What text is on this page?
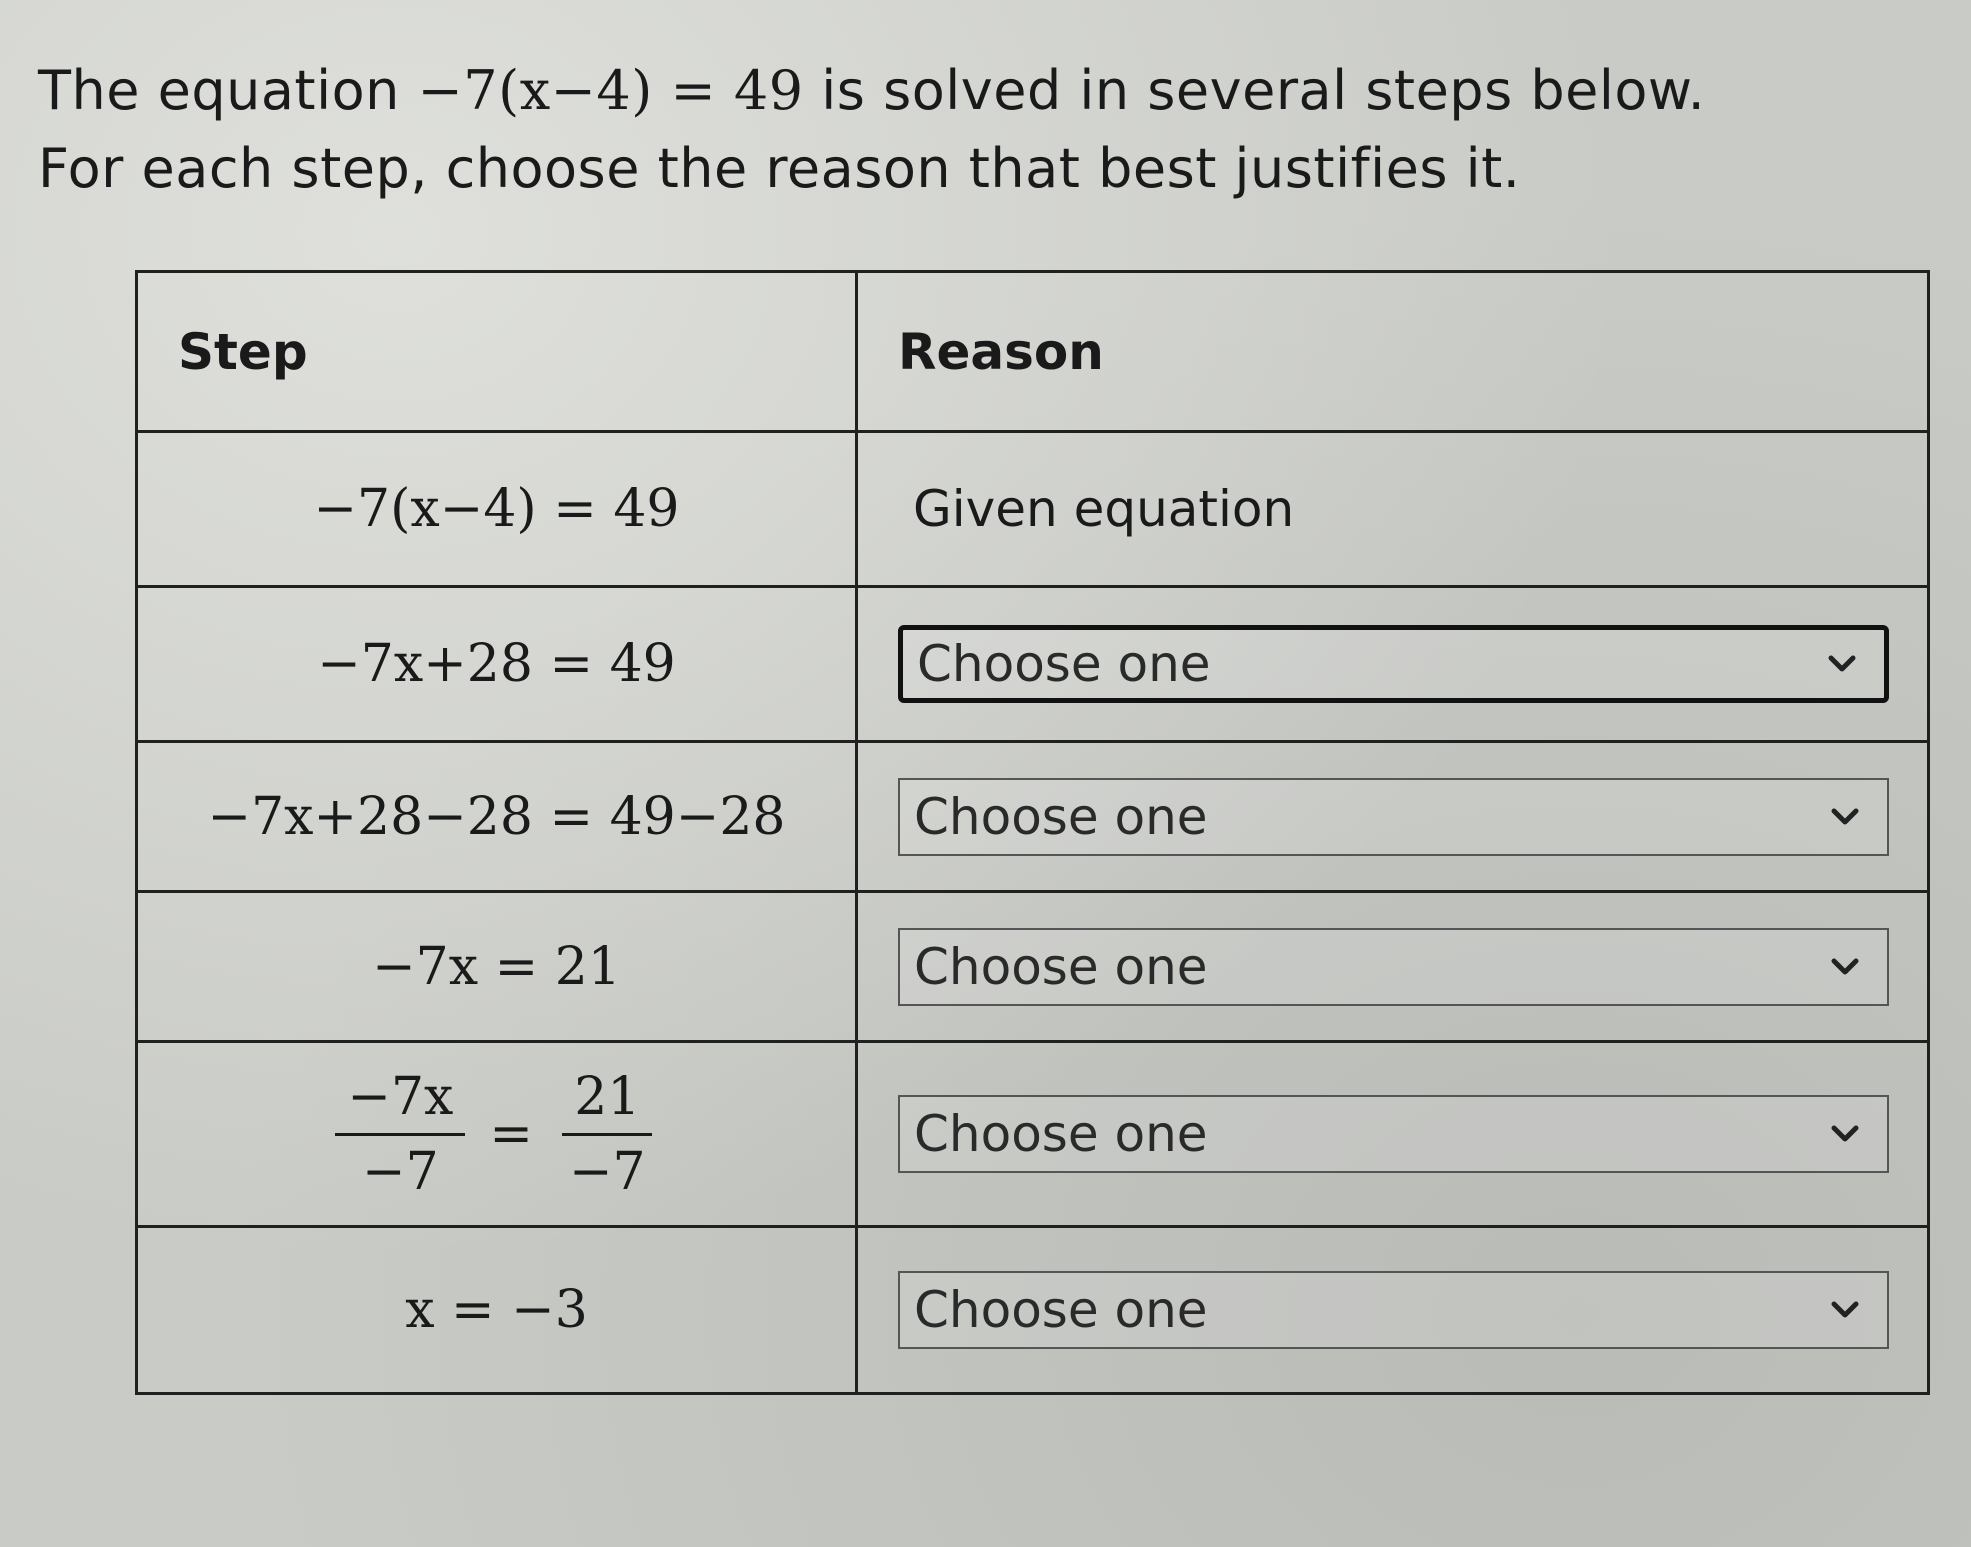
The equation −7(x−4) = 49 is solved in several steps below.
For each step, choose the reason that best justifies it.
Step	Reason
−7(x−4) = 49	Given equation
−7x+28 = 49	Choose one
−7x+28−28 = 49−28	Choose one
−7x = 21	Choose one
$\frac{-7x}{-7} = \frac{21}{-7}$	Choose one
x = −3	Choose one
